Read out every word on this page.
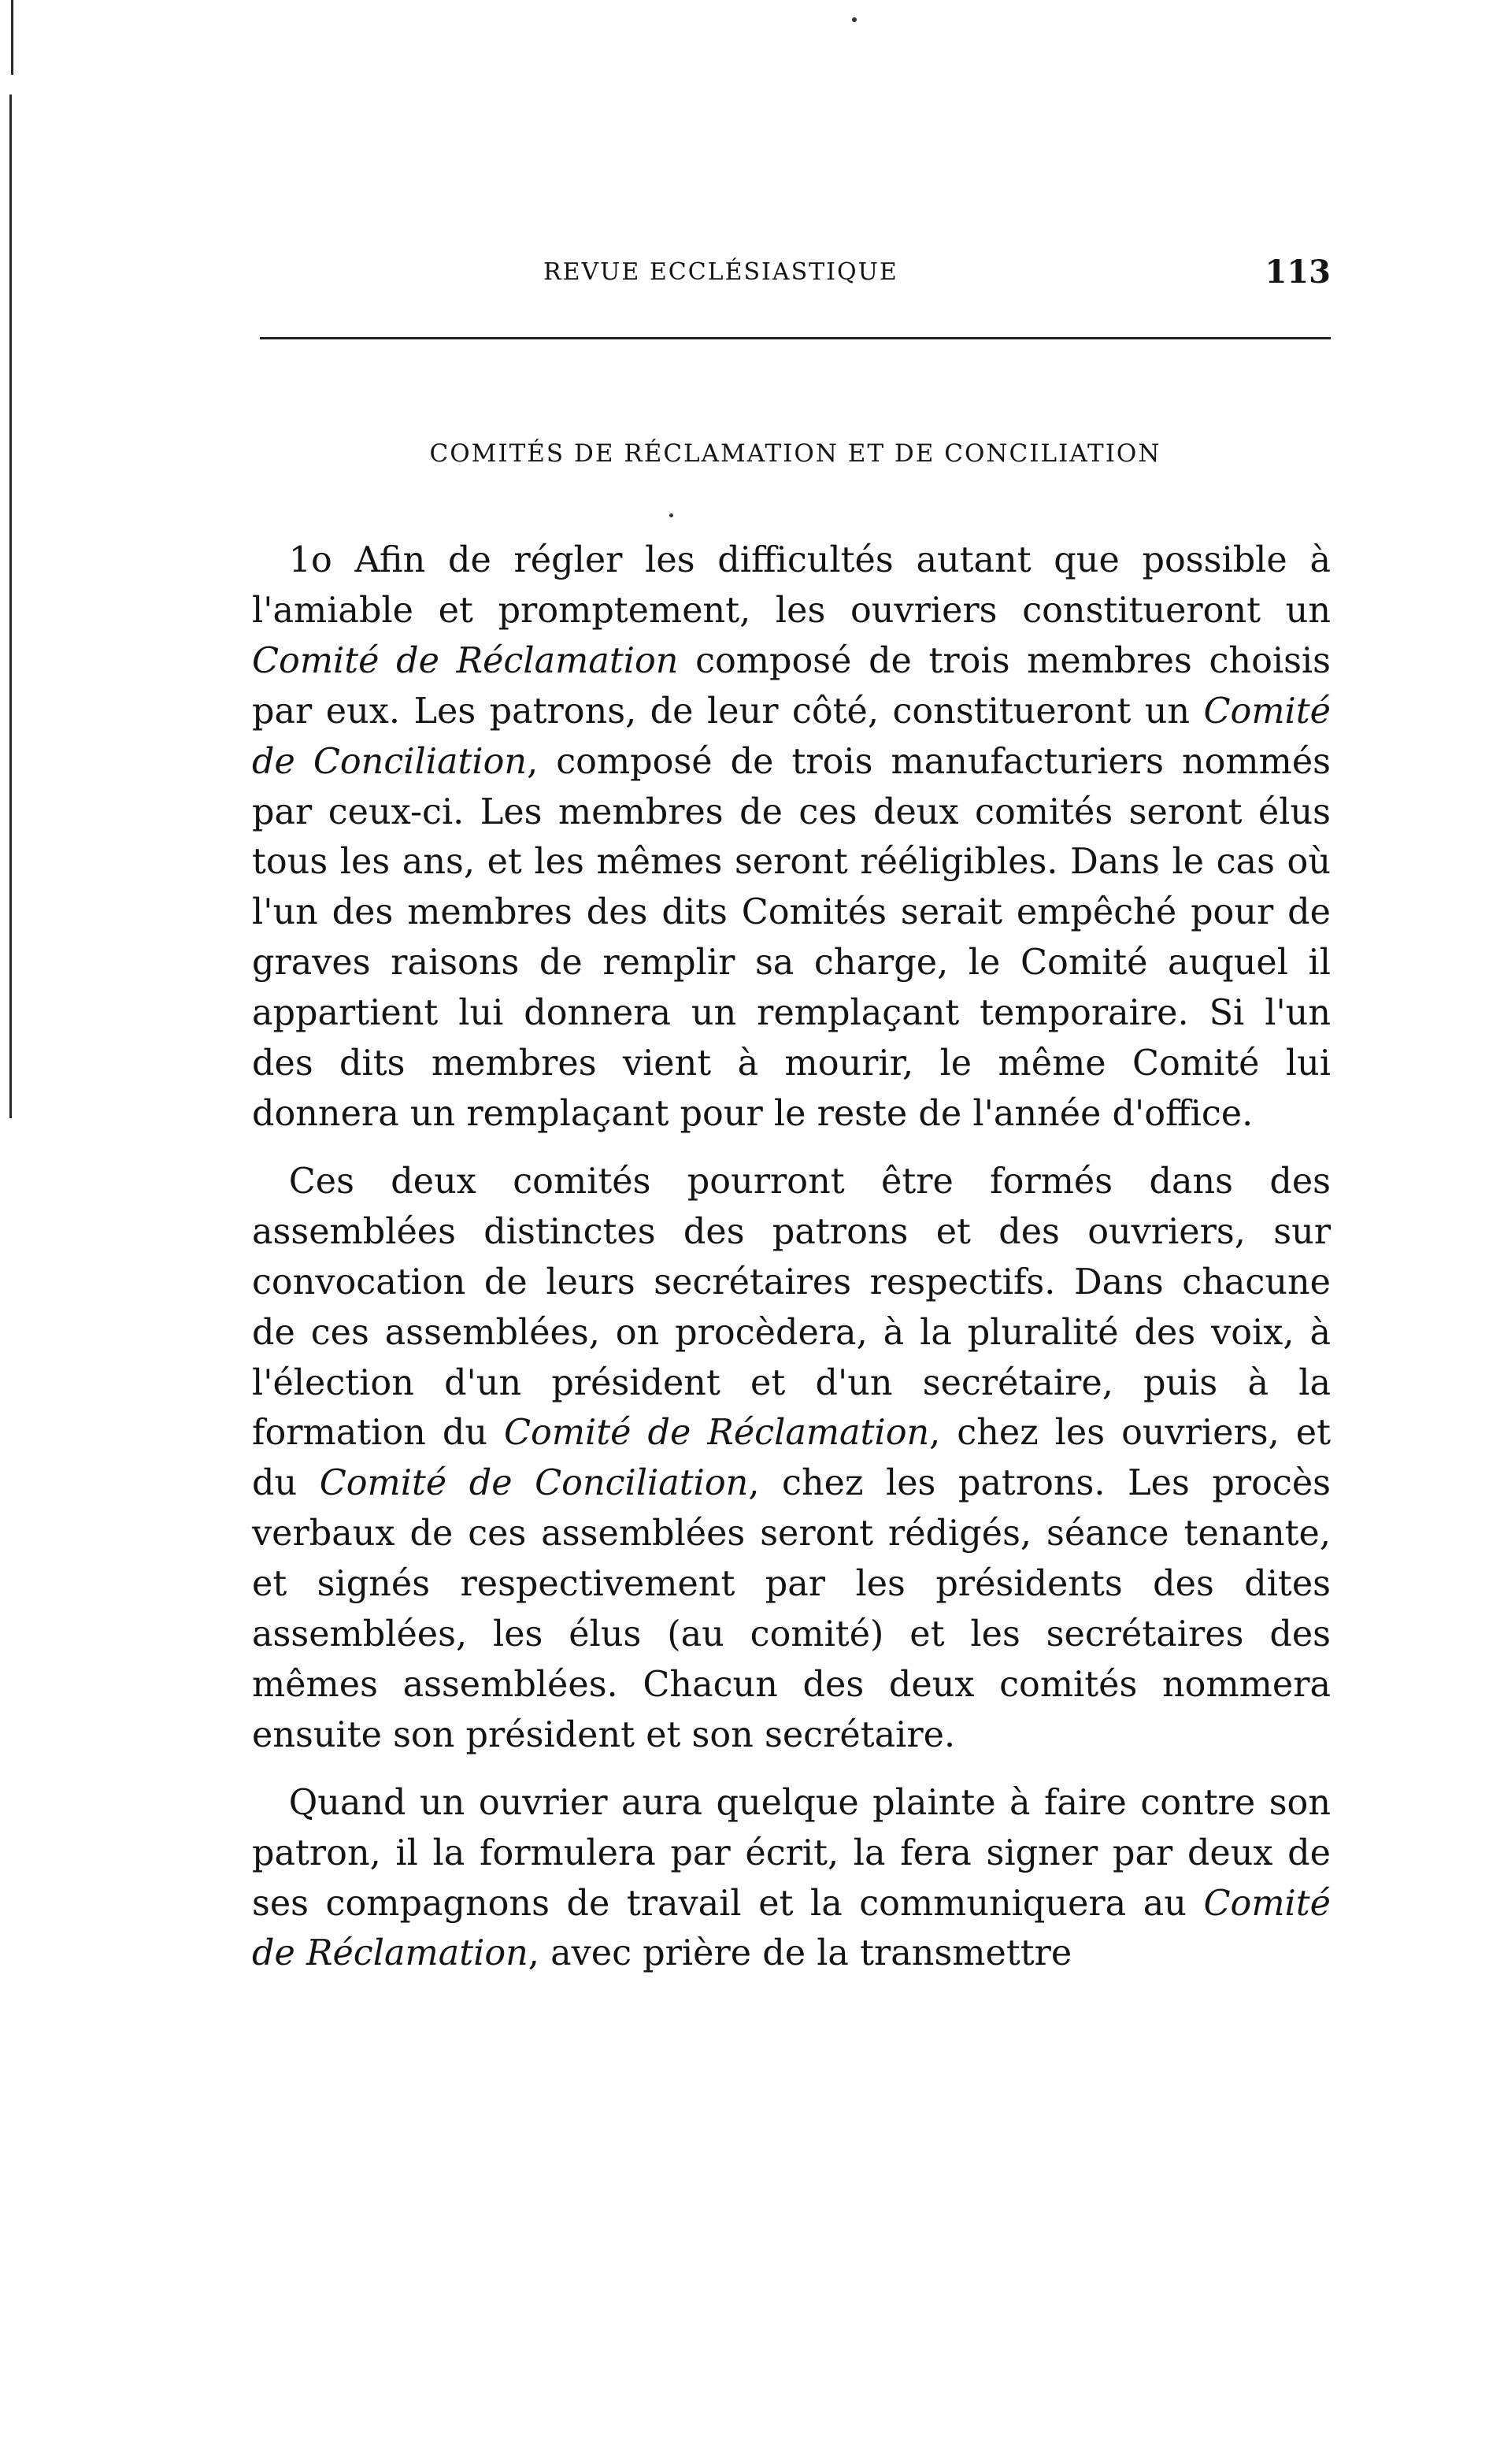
REVUE ECCLÉSIASTIQUE	113
COMITÉS DE RÉCLAMATION ET DE CONCILIATION

1o Afin de régler les difficultés autant que possible à l'amiable et promptement, les ouvriers constitueront un Comité de Réclamation composé de trois membres choisis par eux. Les patrons, de leur côté, constitueront un Comité de Conciliation, composé de trois manufacturiers nommés par ceux-ci. Les membres de ces deux comités seront élus tous les ans, et les mêmes seront rééligibles. Dans le cas où l'un des membres des dits Comités serait empêché pour de graves raisons de remplir sa charge, le Comité auquel il appartient lui donnera un remplaçant temporaire. Si l'un des dits membres vient à mourir, le même Comité lui donnera un remplaçant pour le reste de l'année d'office.

Ces deux comités pourront être formés dans des assemblées distinctes des patrons et des ouvriers, sur convocation de leurs secrétaires respectifs. Dans chacune de ces assemblées, on procèdera, à la pluralité des voix, à l'élection d'un président et d'un secrétaire, puis à la formation du Comité de Réclamation, chez les ouvriers, et du Comité de Conciliation, chez les patrons. Les procès verbaux de ces assemblées seront rédigés, séance tenante, et signés respectivement par les présidents des dites assemblées, les élus (au comité) et les secrétaires des mêmes assemblées. Chacun des deux comités nommera ensuite son président et son secrétaire.

Quand un ouvrier aura quelque plainte à faire contre son patron, il la formulera par écrit, la fera signer par deux de ses compagnons de travail et la communiquera au Comité de Réclamation, avec prière de la transmettre
